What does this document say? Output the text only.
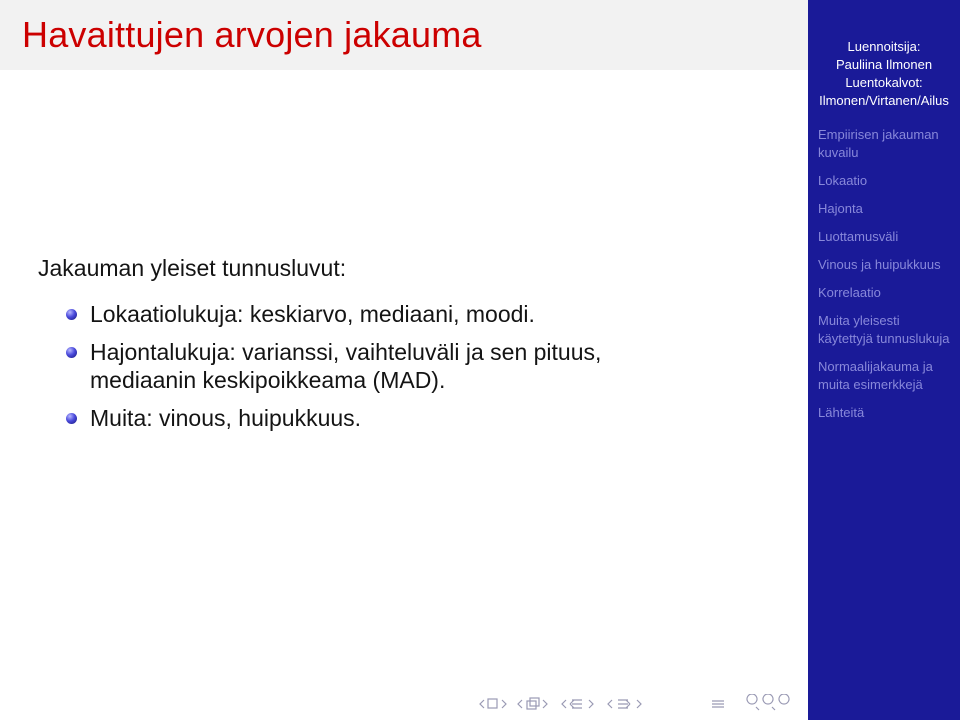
Havaittujen arvojen jakauma
Jakauman yleiset tunnusluvut:
Lokaatiolukuja: keskiarvo, mediaani, moodi.
Hajontalukuja: varianssi, vaihteluväli ja sen pituus,
mediaanin keskipoikkeama (MAD).
Muita: vinous, huipukkuus.
Luennoitsija:
Pauliina Ilmonen
Luentokalvot:
Ilmonen/Virtanen/Ailus
Empiirisen jakauman
kuvailu
Lokaatio
Hajonta
Luottamusväli
Vinous ja huipukkuus
Korrelaatio
Muita yleisesti
käytettyjä tunnuslukuja
Normaalijakauma ja
muita esimerkkejä
Lähteitä
